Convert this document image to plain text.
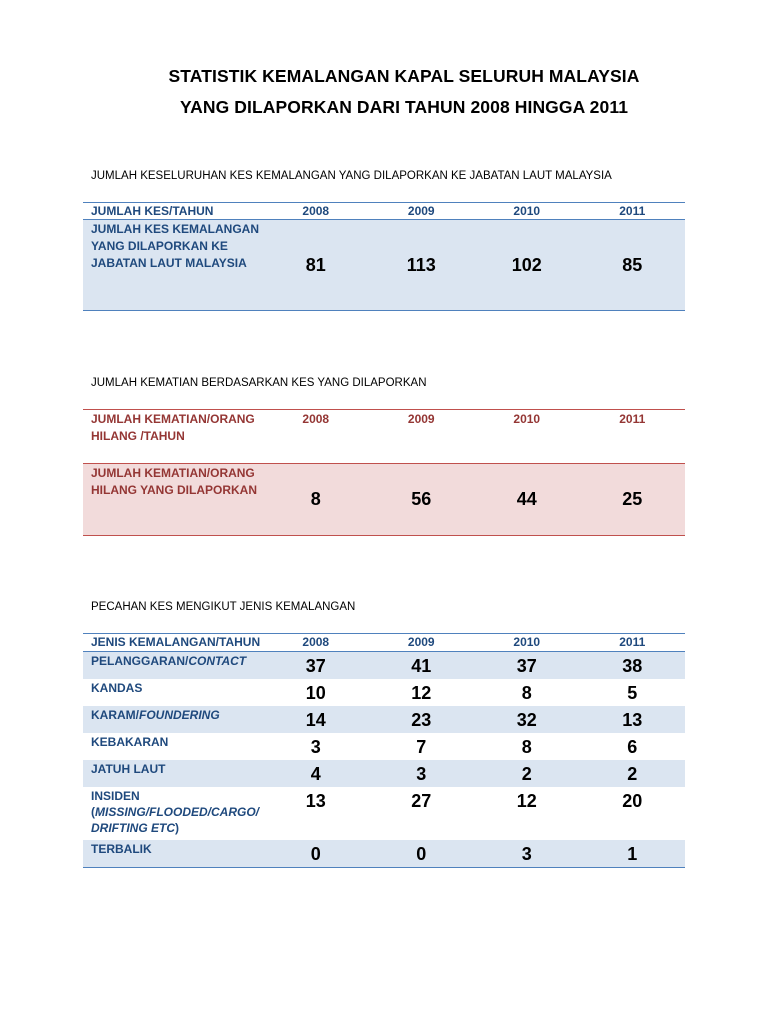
STATISTIK KEMALANGAN KAPAL SELURUH MALAYSIA
YANG DILAPORKAN DARI TAHUN 2008 HINGGA 2011
JUMLAH KESELURUHAN KES KEMALANGAN YANG DILAPORKAN KE JABATAN LAUT MALAYSIA
JUMLAH KES/TAHUN	2008	2009	2010	2011
JUMLAH KES KEMALANGAN YANG DILAPORKAN KE JABATAN LAUT MALAYSIA	81	113	102	85
JUMLAH KEMATIAN BERDASARKAN KES YANG DILAPORKAN
JUMLAH KEMATIAN/ORANG HILANG /TAHUN	2008	2009	2010	2011
JUMLAH KEMATIAN/ORANG HILANG YANG DILAPORKAN	8	56	44	25
PECAHAN KES MENGIKUT JENIS KEMALANGAN
JENIS KEMALANGAN/TAHUN	2008	2009	2010	2011
PELANGGARAN/CONTACT	37	41	37	38
KANDAS	10	12	8	5
KARAM/FOUNDERING	14	23	32	13
KEBAKARAN	3	7	8	6
JATUH LAUT	4	3	2	2
INSIDEN
(MISSING/FLOODED/CARGO/ DRIFTING ETC)	13	27	12	20
TERBALIK	0	0	3	1
